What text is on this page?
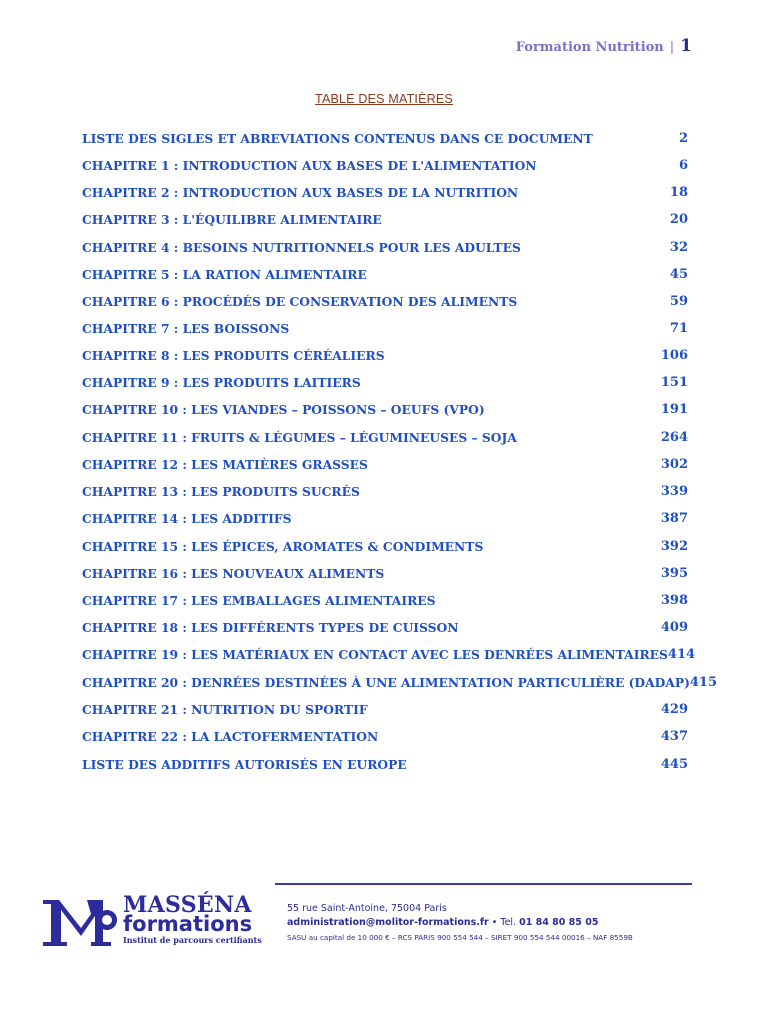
Formation Nutrition | 1
TABLE DES MATIÈRES
LISTE DES SIGLES ET ABREVIATIONS CONTENUS DANS CE DOCUMENT	2
CHAPITRE 1 : INTRODUCTION AUX BASES DE L'ALIMENTATION	6
CHAPITRE 2 : INTRODUCTION AUX BASES DE LA NUTRITION	18
CHAPITRE 3 : L'ÉQUILIBRE ALIMENTAIRE	20
CHAPITRE 4 : BESOINS NUTRITIONNELS POUR LES ADULTES	32
CHAPITRE 5 : LA RATION ALIMENTAIRE	45
CHAPITRE 6 : PROCÉDÉS DE CONSERVATION DES ALIMENTS	59
CHAPITRE 7 : LES BOISSONS	71
CHAPITRE 8 : LES PRODUITS CÉRÉALIERS	106
CHAPITRE 9 : LES PRODUITS LAITIERS	151
CHAPITRE 10 : LES VIANDES – POISSONS – OEUFS (VPO)	191
CHAPITRE 11 : FRUITS & LÉGUMES – LÉGUMINEUSES – SOJA	264
CHAPITRE 12 : LES MATIÈRES GRASSES	302
CHAPITRE 13 : LES PRODUITS SUCRÉS	339
CHAPITRE 14 : LES ADDITIFS	387
CHAPITRE 15 : LES ÉPICES, AROMATES & CONDIMENTS	392
CHAPITRE 16 : LES NOUVEAUX ALIMENTS	395
CHAPITRE 17 : LES EMBALLAGES ALIMENTAIRES	398
CHAPITRE 18 : LES DIFFÉRENTS TYPES DE CUISSON	409
CHAPITRE 19 : LES MATÉRIAUX EN CONTACT AVEC LES DENRÉES ALIMENTAIRES 414
CHAPITRE 20 : DENRÉES DESTINÉES À UNE ALIMENTATION PARTICULIÈRE (DADAP) 415
CHAPITRE 21 : NUTRITION DU SPORTIF	429
CHAPITRE 22 : LA LACTOFERMENTATION	437
LISTE DES ADDITIFS AUTORISÉS EN EUROPE	445
MASSÉNA
formations
Institut de parcours certifiants
55 rue Saint-Antoine, 75004 Paris
administration@molitor-formations.fr • Tel. 01 84 80 85 05
SASU au capital de 10 000 € – RCS PARIS 900 554 544 – SIRET 900 554 544 00016 – NAF 8559B
